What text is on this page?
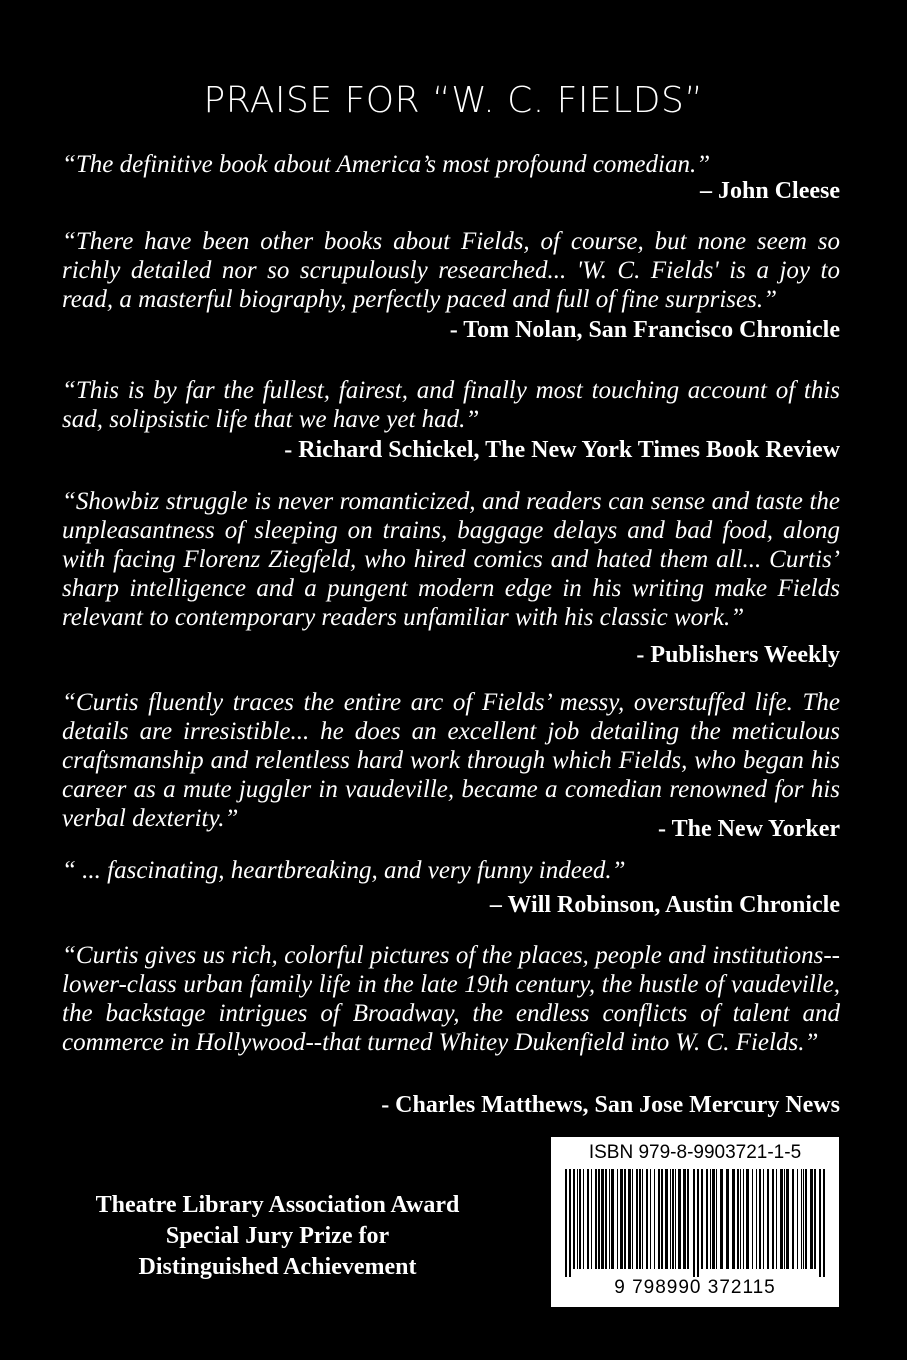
PRAISE FOR “W. C. FIELDS”
“The definitive book about America’s most profound comedian.”
– John Cleese
“There have been other books about Fields, of course, but none seem so richly detailed nor so scrupulously researched... 'W. C. Fields' is a joy to read, a masterful biography, perfectly paced and full of fine surprises.”
- Tom Nolan, San Francisco Chronicle
“This is by far the fullest, fairest, and finally most touching account of this sad, solipsistic life that we have yet had.”
- Richard Schickel, The New York Times Book Review
“Showbiz struggle is never romanticized, and readers can sense and taste the unpleasantness of sleeping on trains, baggage delays and bad food, along with facing Florenz Ziegfeld, who hired comics and hated them all... Curtis’ sharp intelligence and a pungent modern edge in his writing make Fields relevant to contemporary readers unfamiliar with his classic work.”
- Publishers Weekly
“Curtis fluently traces the entire arc of Fields’ messy, overstuffed life. The details are irresistible... he does an excellent job detailing the meticulous craftsmanship and relentless hard work through which Fields, who began his career as a mute juggler in vaudeville, became a comedian renowned for his verbal dexterity.”	- The New Yorker
“ ... fascinating, heartbreaking, and very funny indeed.”
– Will Robinson, Austin Chronicle
“Curtis gives us rich, colorful pictures of the places, people and institutions--lower-class urban family life in the late 19th century, the hustle of vaudeville, the backstage intrigues of Broadway, the endless conflicts of talent and commerce in Hollywood--that turned Whitey Dukenfield into W. C. Fields.”
- Charles Matthews, San Jose Mercury News
Theatre Library Association Award
Special Jury Prize for
Distinguished Achievement
ISBN 979-8-9903721-1-5
9 798990 372115
